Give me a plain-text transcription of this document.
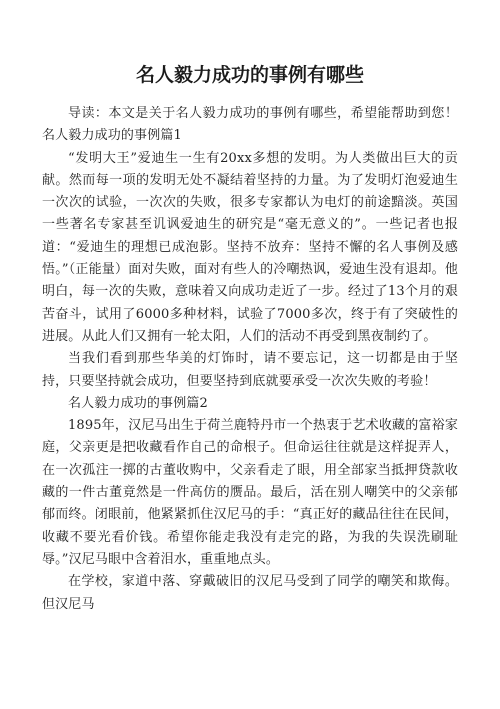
名人毅力成功的事例有哪些

导读：本文是关于名人毅力成功的事例有哪些，希望能帮助到您！名人毅力成功的事例篇1

“发明大王”爱迪生一生有20xx多想的发明。为人类做出巨大的贡献。然而每一项的发明无处不凝结着坚持的力量。为了发明灯泡爱迪生一次次的试验，一次次的失败，很多专家都认为电灯的前途黯淡。英国一些著名专家甚至讥讽爱迪生的研究是“毫无意义的”。一些记者也报道：“爱迪生的理想已成泡影。坚持不放弃：坚持不懈的名人事例及感悟。”（正能量）面对失败，面对有些人的冷嘲热讽，爱迪生没有退却。他明白，每一次的失败，意味着又向成功走近了一步。经过了13个月的艰苦奋斗，试用了6000多种材料，试验了7000多次，终于有了突破性的进展。从此人们又拥有一轮太阳，人们的活动不再受到黑夜制约了。

当我们看到那些华美的灯饰时，请不要忘记，这一切都是由于坚持，只要坚持就会成功，但要坚持到底就要承受一次次失败的考验！

名人毅力成功的事例篇2

1895年，汉尼马出生于荷兰鹿特丹市一个热衷于艺术收藏的富裕家庭，父亲更是把收藏看作自己的命根子。但命运往往就是这样捉弄人，在一次孤注一掷的古董收购中，父亲看走了眼，用全部家当抵押贷款收藏的一件古董竟然是一件高仿的赝品。最后，活在别人嘲笑中的父亲郁郁而终。闭眼前，他紧紧抓住汉尼马的手：“真正好的藏品往往在民间，收藏不要光看价钱。希望你能走我没有走完的路，为我的失误洗刷耻辱。”汉尼马眼中含着泪水，重重地点头。

在学校，家道中落、穿戴破旧的汉尼马受到了同学的嘲笑和欺侮。但汉尼马
